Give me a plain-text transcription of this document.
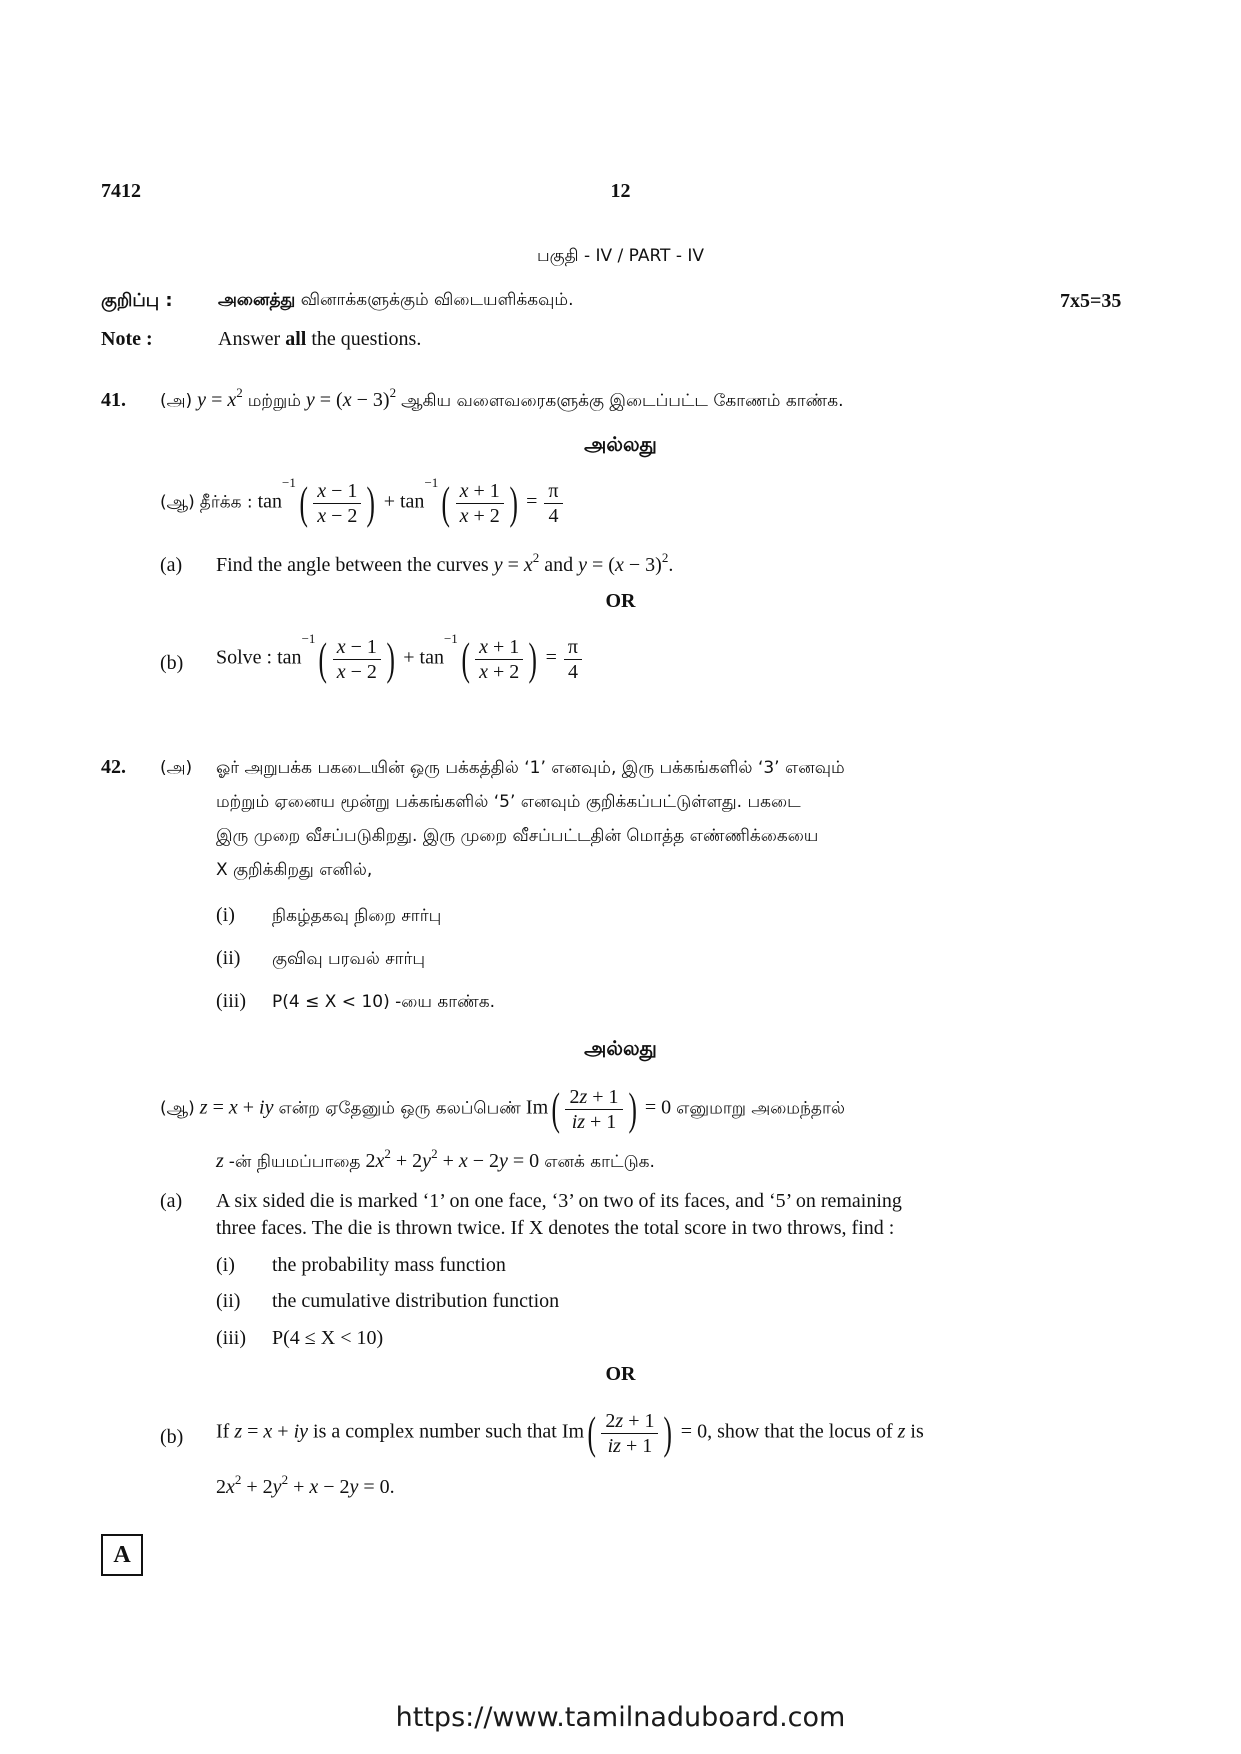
7412	12
பகுதி - IV / PART - IV
குறிப்பு :	அனைத்து வினாக்களுக்கும் விடையளிக்கவும்.	7x5=35
Note :	Answer all the questions.
41. (அ) $y = x^2$ மற்றும் $y = (x - 3)^2$ ஆகிய வளைவரைகளுக்கு இடைப்பட்ட கோணம் காண்க.
அல்லது
(ஆ) தீர்க்க : $\tan^{-1}( \frac{x - 1}{x - 2}$ ) + $\tan^{-1}( \frac{x + 1}{x + 2}$ ) = $\frac{\pi}{4}$
(a) Find the angle between the curves $y = x^2$ and $y = (x - 3)^2$.
OR
(b) Solve : $\tan^{-1}( \frac{x - 1}{x - 2}$ ) + $\tan^{-1}( \frac{x + 1}{x + 2}$ ) = $\frac{\pi}{4}$
42. (அ) ஓர் அறுபக்க பகடையின் ஒரு பக்கத்தில் ‘1’ எனவும், இரு பக்கங்களில் ‘3’ எனவும்
மற்றும் ஏனைய மூன்று பக்கங்களில் ‘5’ எனவும் குறிக்கப்பட்டுள்ளது. பகடை
இரு முறை வீசப்படுகிறது. இரு முறை வீசப்பட்டதின் மொத்த எண்ணிக்கையை
X குறிக்கிறது எனில்,
(i) நிகழ்தகவு நிறை சார்பு
(ii) குவிவு பரவல் சார்பு
(iii) P(4 ≤ X < 10) -யை காண்க.
அல்லது
(ஆ) z = x + iy என்ற ஏதேனும் ஒரு கலப்பெண் $Im( \frac{2z + 1}{iz + 1}$ ) = 0 எனுமாறு அமைந்தால்
z -ன் நியமப்பாதை $2x^2 + 2y^2 + x - 2y = 0$ எனக் காட்டுக.
(a) A six sided die is marked ‘1’ on one face, ‘3’ on two of its faces, and ‘5’ on remaining
three faces. The die is thrown twice. If X denotes the total score in two throws, find :
(i) the probability mass function
(ii) the cumulative distribution function
(iii) P(4 ≤ X < 10)
OR
(b) If z = x + iy is a complex number such that $Im( \frac{2z + 1}{iz + 1}$ ) = 0, show that the locus of z is
$2x^2 + 2y^2 + x - 2y = 0$.
A
https://www.tamilnaduboard.com
